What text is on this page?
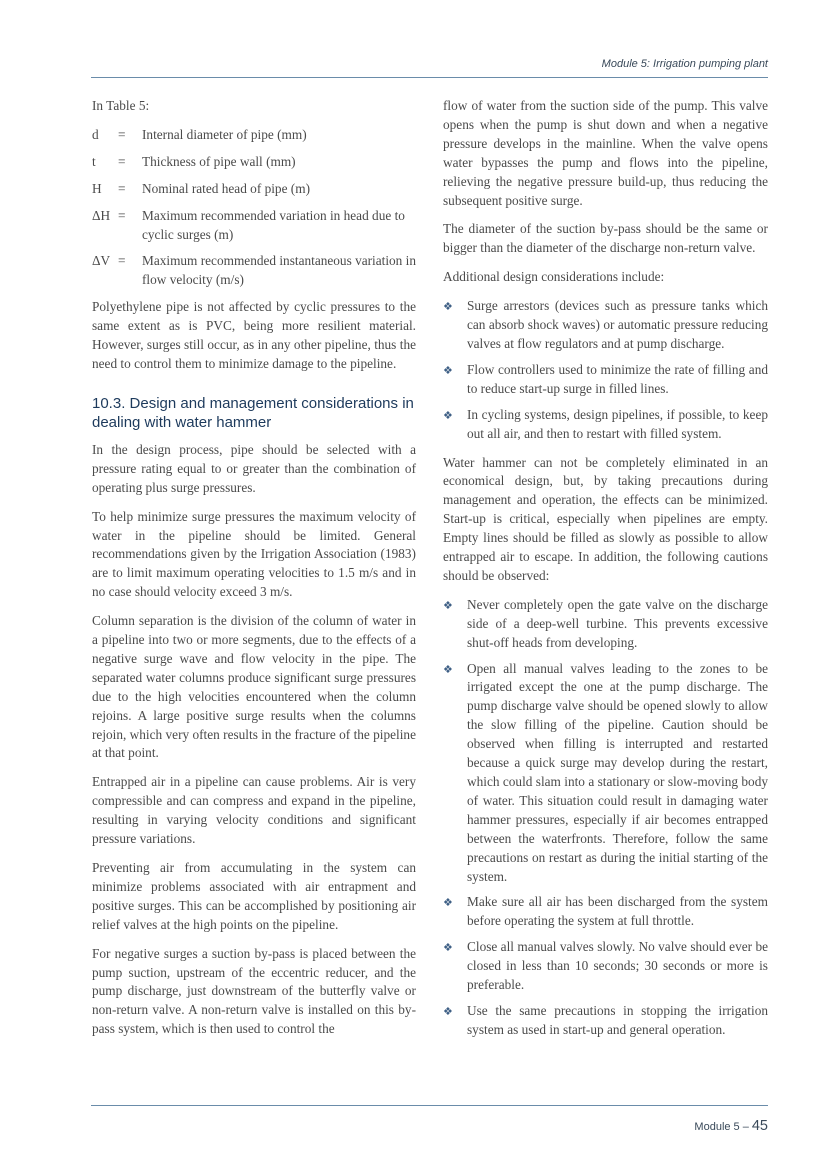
Module 5: Irrigation pumping plant

In Table 5:

d	=	Internal diameter of pipe (mm)
t	=	Thickness of pipe wall (mm)
H	=	Nominal rated head of pipe (m)
ΔH =	Maximum recommended variation in head due to cyclic surges (m)
ΔV =	Maximum recommended instantaneous variation in flow velocity (m/s)

Polyethylene pipe is not affected by cyclic pressures to the same extent as is PVC, being more resilient material. However, surges still occur, as in any other pipeline, thus the need to control them to minimize damage to the pipeline.

10.3. Design and management considerations in dealing with water hammer

In the design process, pipe should be selected with a pressure rating equal to or greater than the combination of operating plus surge pressures.

To help minimize surge pressures the maximum velocity of water in the pipeline should be limited. General recommendations given by the Irrigation Association (1983) are to limit maximum operating velocities to 1.5 m/s and in no case should velocity exceed 3 m/s.

Column separation is the division of the column of water in a pipeline into two or more segments, due to the effects of a negative surge wave and flow velocity in the pipe. The separated water columns produce significant surge pressures due to the high velocities encountered when the column rejoins. A large positive surge results when the columns rejoin, which very often results in the fracture of the pipeline at that point.

Entrapped air in a pipeline can cause problems. Air is very compressible and can compress and expand in the pipeline, resulting in varying velocity conditions and significant pressure variations.

Preventing air from accumulating in the system can minimize problems associated with air entrapment and positive surges. This can be accomplished by positioning air relief valves at the high points on the pipeline.

For negative surges a suction by-pass is placed between the pump suction, upstream of the eccentric reducer, and the pump discharge, just downstream of the butterfly valve or non-return valve. A non-return valve is installed on this by-pass system, which is then used to control the

flow of water from the suction side of the pump. This valve opens when the pump is shut down and when a negative pressure develops in the mainline. When the valve opens water bypasses the pump and flows into the pipeline, relieving the negative pressure build-up, thus reducing the subsequent positive surge.

The diameter of the suction by-pass should be the same or bigger than the diameter of the discharge non-return valve.

Additional design considerations include:

❖	Surge arrestors (devices such as pressure tanks which can absorb shock waves) or automatic pressure reducing valves at flow regulators and at pump discharge.
❖	Flow controllers used to minimize the rate of filling and to reduce start-up surge in filled lines.
❖	In cycling systems, design pipelines, if possible, to keep out all air, and then to restart with filled system.

Water hammer can not be completely eliminated in an economical design, but, by taking precautions during management and operation, the effects can be minimized. Start-up is critical, especially when pipelines are empty. Empty lines should be filled as slowly as possible to allow entrapped air to escape. In addition, the following cautions should be observed:

❖	Never completely open the gate valve on the discharge side of a deep-well turbine. This prevents excessive shut-off heads from developing.
❖	Open all manual valves leading to the zones to be irrigated except the one at the pump discharge. The pump discharge valve should be opened slowly to allow the slow filling of the pipeline. Caution should be observed when filling is interrupted and restarted because a quick surge may develop during the restart, which could slam into a stationary or slow-moving body of water. This situation could result in damaging water hammer pressures, especially if air becomes entrapped between the waterfronts. Therefore, follow the same precautions on restart as during the initial starting of the system.
❖	Make sure all air has been discharged from the system before operating the system at full throttle.
❖	Close all manual valves slowly. No valve should ever be closed in less than 10 seconds; 30 seconds or more is preferable.
❖	Use the same precautions in stopping the irrigation system as used in start-up and general operation.
Module 5 – 45
